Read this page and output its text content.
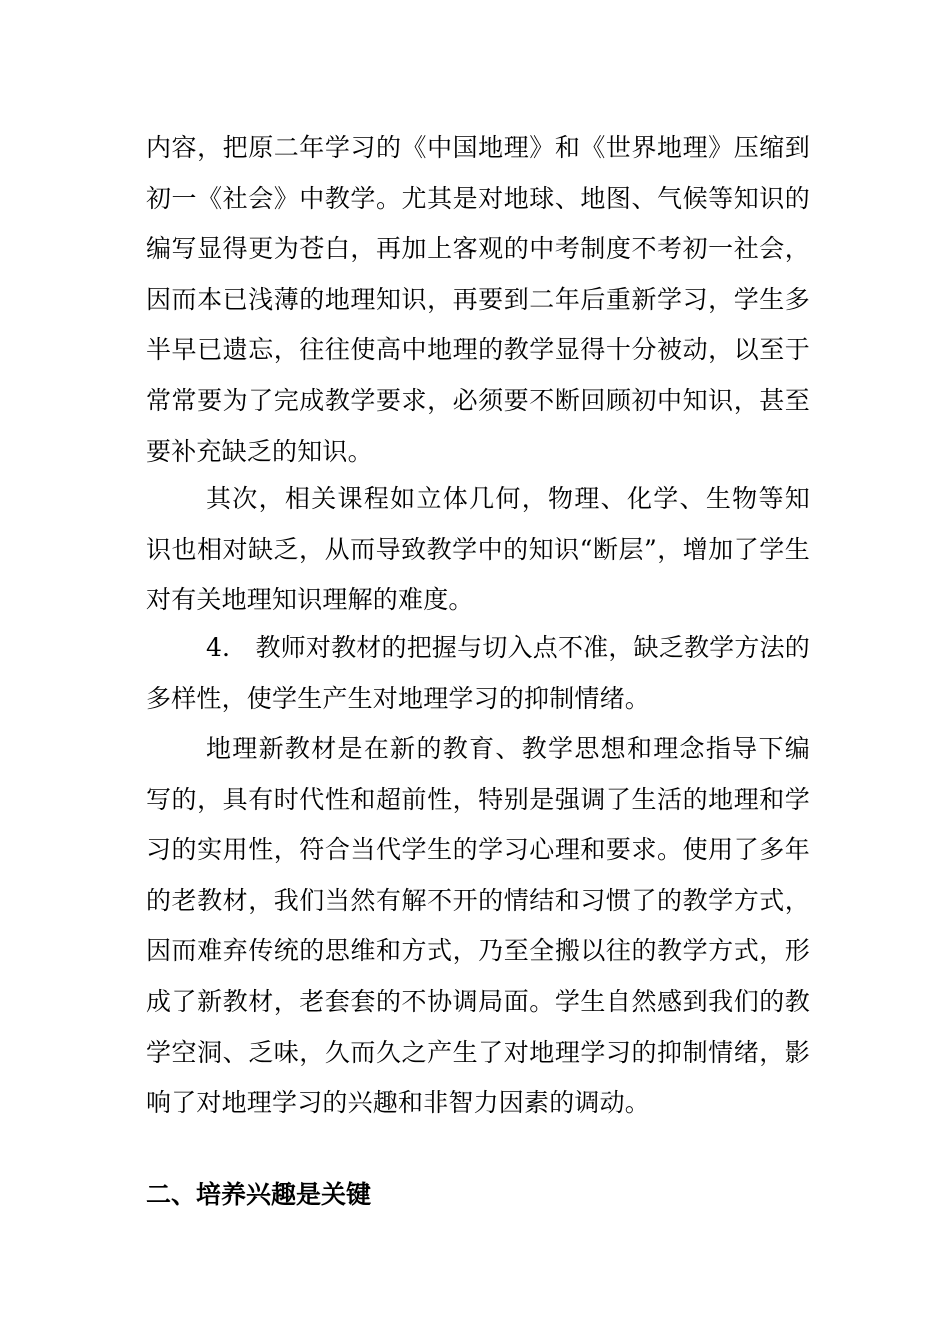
内容，把原二年学习的《中国地理》和《世界地理》压缩到初一《社会》中教学。尤其是对地球、地图、气候等知识的编写显得更为苍白，再加上客观的中考制度不考初一社会，因而本已浅薄的地理知识，再要到二年后重新学习，学生多半早已遗忘，往往使高中地理的教学显得十分被动，以至于常常要为了完成教学要求，必须要不断回顾初中知识，甚至要补充缺乏的知识。

其次，相关课程如立体几何，物理、化学、生物等知识也相对缺乏，从而导致教学中的知识“断层”，增加了学生对有关地理知识理解的难度。

4． 教师对教材的把握与切入点不准，缺乏教学方法的多样性，使学生产生对地理学习的抑制情绪。

地理新教材是在新的教育、教学思想和理念指导下编写的，具有时代性和超前性，特别是强调了生活的地理和学习的实用性，符合当代学生的学习心理和要求。使用了多年的老教材，我们当然有解不开的情结和习惯了的教学方式，因而难弃传统的思维和方式，乃至全搬以往的教学方式，形成了新教材，老套套的不协调局面。学生自然感到我们的教学空洞、乏味，久而久之产生了对地理学习的抑制情绪，影响了对地理学习的兴趣和非智力因素的调动。

二、培养兴趣是关键
